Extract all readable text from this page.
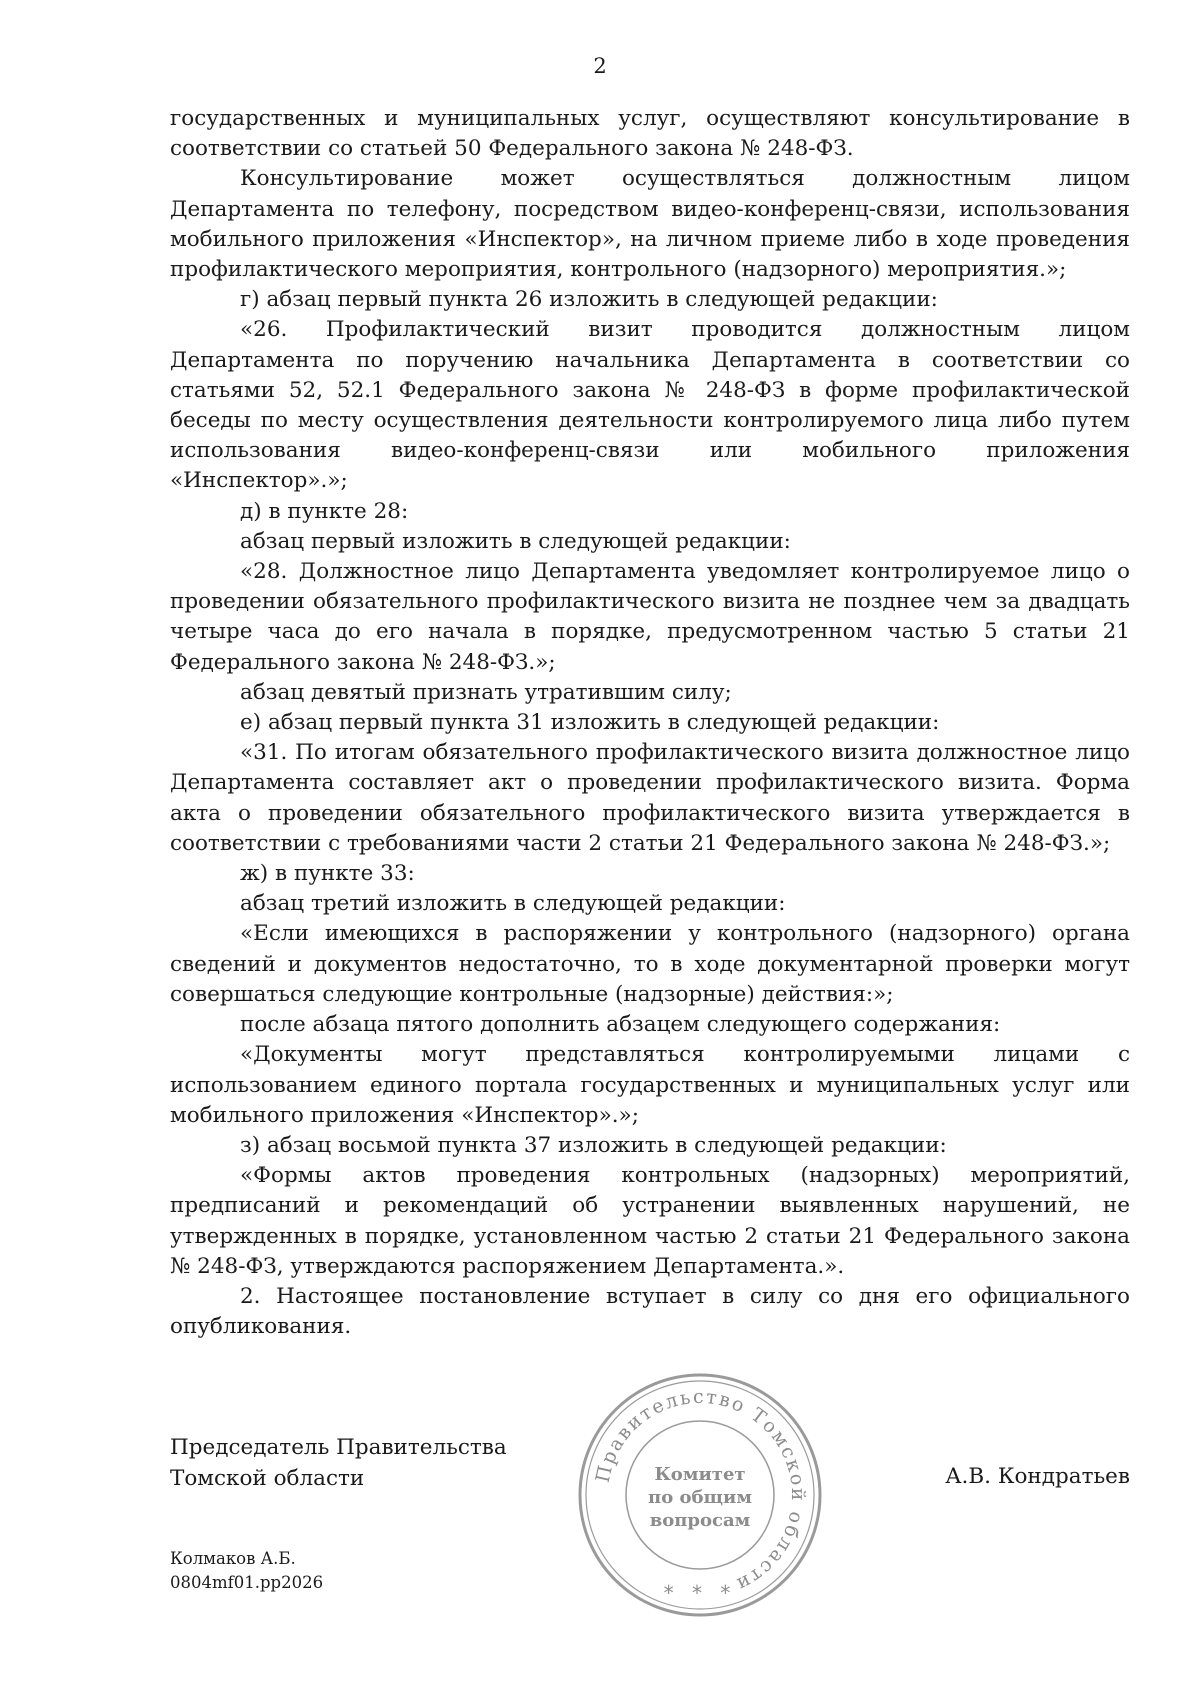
2

государственных и муниципальных услуг, осуществляют консультирование в соответствии со статьей 50 Федерального закона № 248-ФЗ.

Консультирование может осуществляться должностным лицом Департамента по телефону, посредством видео-конференц-связи, использования мобильного приложения «Инспектор», на личном приеме либо в ходе проведения профилактического мероприятия, контрольного (надзорного) мероприятия.»;

г) абзац первый пункта 26 изложить в следующей редакции:

«26. Профилактический визит проводится должностным лицом Департамента по поручению начальника Департамента в соответствии со статьями 52, 52.1 Федерального закона № 248-ФЗ в форме профилактической беседы по месту осуществления деятельности контролируемого лица либо путем использования видео-конференц-связи или мобильного приложения «Инспектор».»;

д) в пункте 28:

абзац первый изложить в следующей редакции:

«28. Должностное лицо Департамента уведомляет контролируемое лицо о проведении обязательного профилактического визита не позднее чем за двадцать четыре часа до его начала в порядке, предусмотренном частью 5 статьи 21 Федерального закона № 248-ФЗ.»;

абзац девятый признать утратившим силу;

е) абзац первый пункта 31 изложить в следующей редакции:

«31. По итогам обязательного профилактического визита должностное лицо Департамента составляет акт о проведении профилактического визита. Форма акта о проведении обязательного профилактического визита утверждается в соответствии с требованиями части 2 статьи 21 Федерального закона № 248-ФЗ.»;

ж) в пункте 33:

абзац третий изложить в следующей редакции:

«Если имеющихся в распоряжении у контрольного (надзорного) органа сведений и документов недостаточно, то в ходе документарной проверки могут совершаться следующие контрольные (надзорные) действия:»;

после абзаца пятого дополнить абзацем следующего содержания:

«Документы могут представляться контролируемыми лицами с использованием единого портала государственных и муниципальных услуг или мобильного приложения «Инспектор».»;

з) абзац восьмой пункта 37 изложить в следующей редакции:

«Формы актов проведения контрольных (надзорных) мероприятий, предписаний и рекомендаций об устранении выявленных нарушений, не утвержденных в порядке, установленном частью 2 статьи 21 Федерального закона № 248-ФЗ, утверждаются распоряжением Департамента.».

2. Настоящее постановление вступает в силу со дня его официального опубликования.

Председатель Правительства
Томской области	А.В. Кондратьев
Правительство Томской области
Комитет
по общим
вопросам
* * *
Колмаков А.Б.
0804mf01.pp2026
